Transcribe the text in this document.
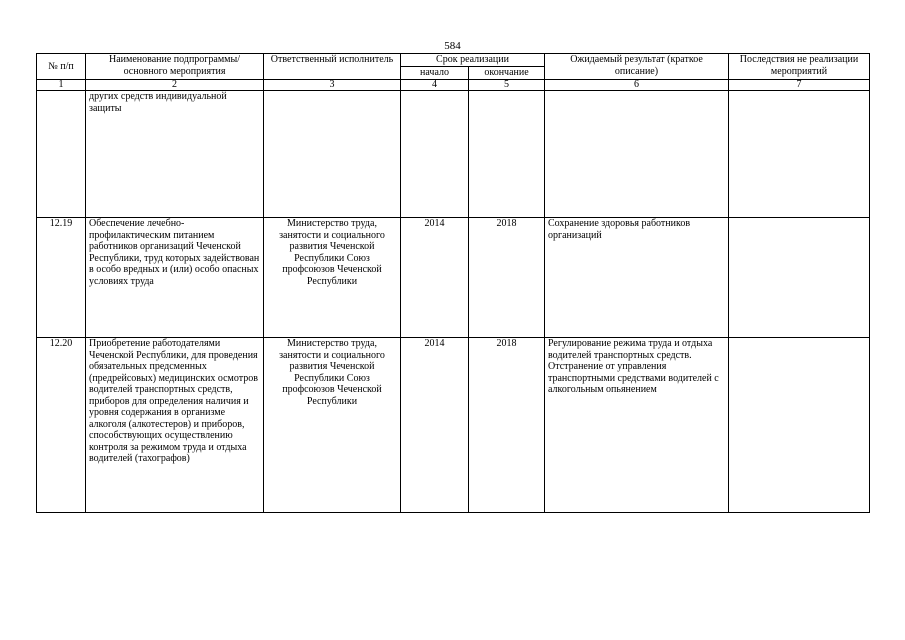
584
№ п/п	Наименование подпрограммы/ основного мероприятия	Ответственный исполнитель	Срок реализации		Ожидаемый результат (краткое описание)	Последствия не реализации мероприятий
			начало	окончание		
1	2	3	4	5	6	7
	других средств индивидуальной защиты					
12.19	Обеспечение лечебно-профилактическим питанием работников организаций Чеченской Республики, труд которых задействован в особо вредных и (или) особо опасных условиях труда	Министерство труда, занятости и социального развития Чеченской Республики Союз профсоюзов Чеченской Республики	2014	2018	Сохранение здоровья работников организаций	
12.20	Приобретение работодателями Чеченской Республики, для проведения обязательных предсменных (предрейсовых) медицинских осмотров водителей транспортных средств, приборов для определения наличия и уровня содержания в организме алкоголя (алкотестеров) и приборов, способствующих осуществлению контроля за режимом труда и отдыха водителей (тахографов)	Министерство труда, занятости и социального развития Чеченской Республики Союз профсоюзов Чеченской Республики	2014	2018	Регулирование режима труда и отдыха водителей транспортных средств. Отстранение от управления транспортными средствами водителей с алкогольным опьянением	
